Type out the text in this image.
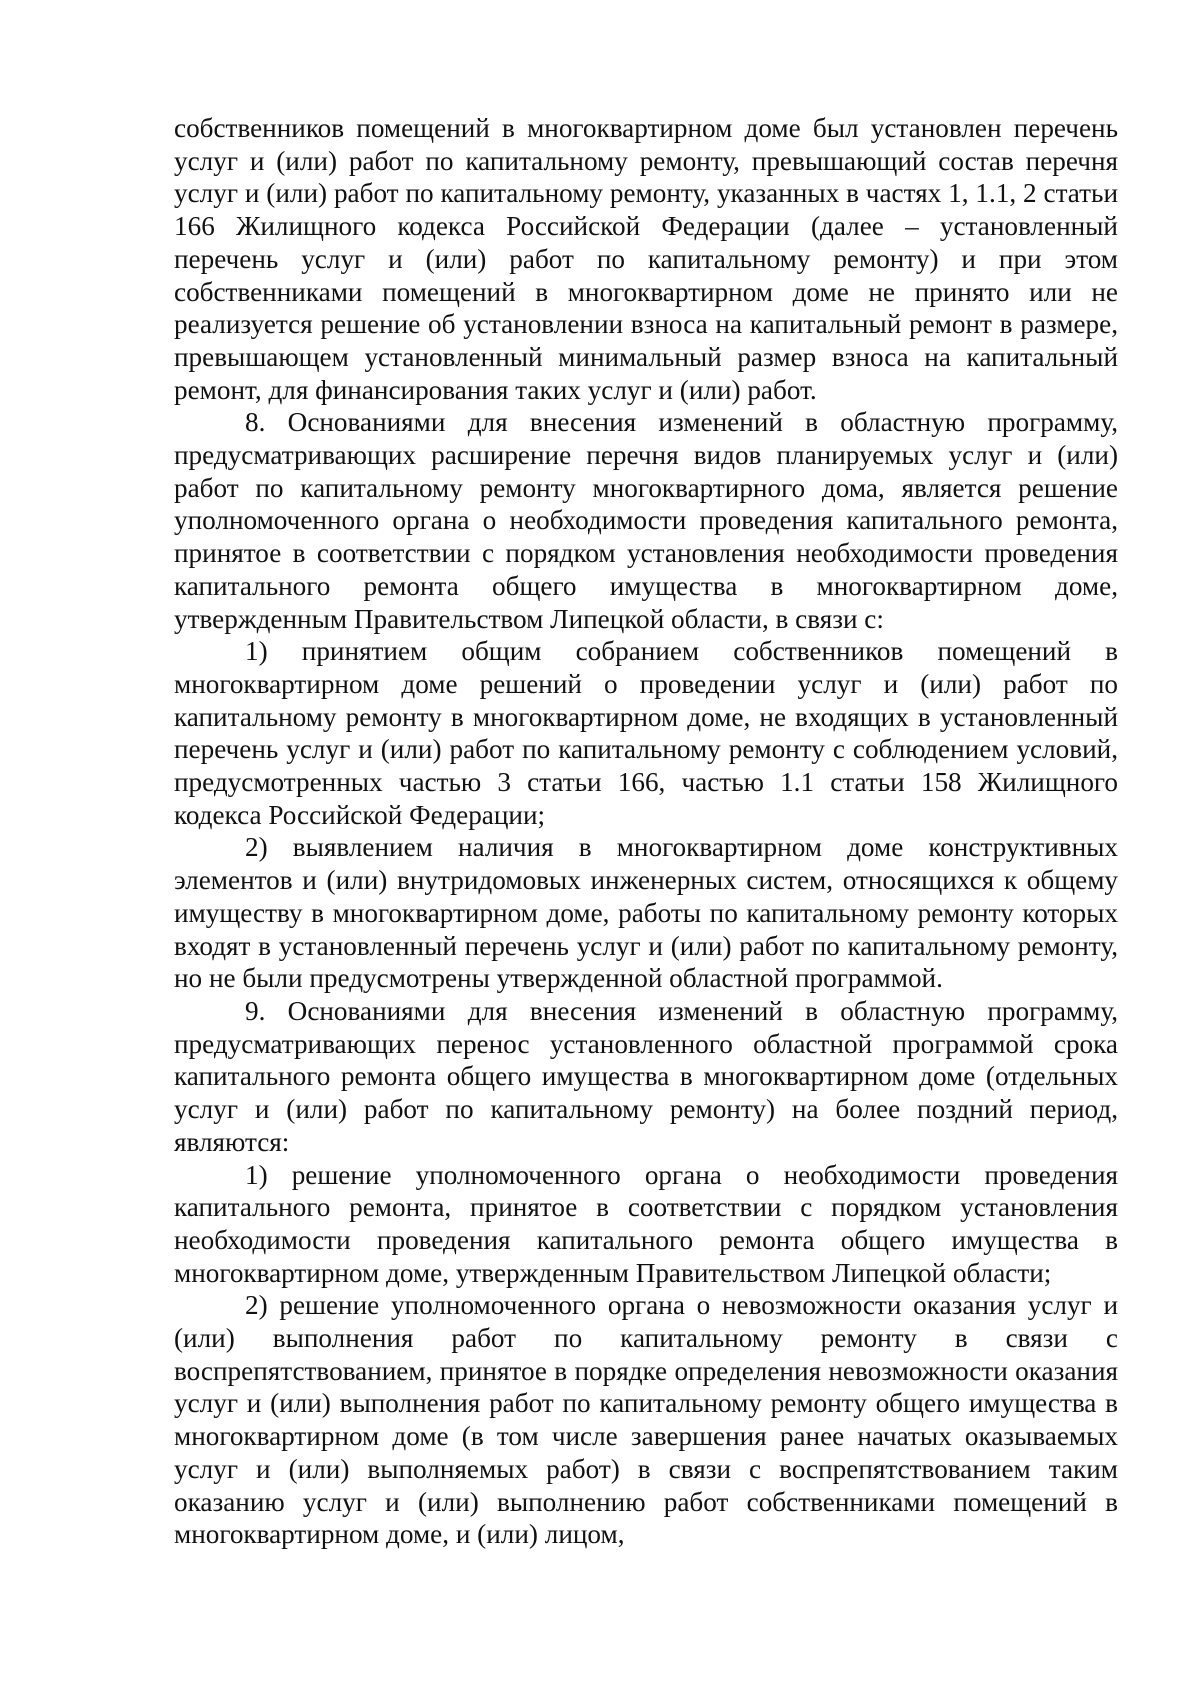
собственников помещений в многоквартирном доме был установлен перечень услуг и (или) работ по капитальному ремонту, превышающий состав перечня услуг и (или) работ по капитальному ремонту, указанных в частях 1, 1.1, 2 статьи 166 Жилищного кодекса Российской Федерации (далее – установленный перечень услуг и (или) работ по капитальному ремонту) и при этом собственниками помещений в многоквартирном доме не принято или не реализуется решение об установлении взноса на капитальный ремонт в размере, превышающем установленный минимальный размер взноса на капитальный ремонт, для финансирования таких услуг и (или) работ.

8. Основаниями для внесения изменений в областную программу, предусматривающих расширение перечня видов планируемых услуг и (или) работ по капитальному ремонту многоквартирного дома, является решение уполномоченного органа о необходимости проведения капитального ремонта, принятое в соответствии с порядком установления необходимости проведения капитального ремонта общего имущества в многоквартирном доме, утвержденным Правительством Липецкой области, в связи с:

1) принятием общим собранием собственников помещений в многоквартирном доме решений о проведении услуг и (или) работ по капитальному ремонту в многоквартирном доме, не входящих в установленный перечень услуг и (или) работ по капитальному ремонту с соблюдением условий, предусмотренных частью 3 статьи 166, частью 1.1 статьи 158 Жилищного кодекса Российской Федерации;

2) выявлением наличия в многоквартирном доме конструктивных элементов и (или) внутридомовых инженерных систем, относящихся к общему имуществу в многоквартирном доме, работы по капитальному ремонту которых входят в установленный перечень услуг и (или) работ по капитальному ремонту, но не были предусмотрены утвержденной областной программой.

9. Основаниями для внесения изменений в областную программу, предусматривающих перенос установленного областной программой срока капитального ремонта общего имущества в многоквартирном доме (отдельных услуг и (или) работ по капитальному ремонту) на более поздний период, являются:

1) решение уполномоченного органа о необходимости проведения капитального ремонта, принятое в соответствии с порядком установления необходимости проведения капитального ремонта общего имущества в многоквартирном доме, утвержденным Правительством Липецкой области;

2) решение уполномоченного органа о невозможности оказания услуг и (или) выполнения работ по капитальному ремонту в связи с воспрепятствованием, принятое в порядке определения невозможности оказания услуг и (или) выполнения работ по капитальному ремонту общего имущества в многоквартирном доме (в том числе завершения ранее начатых оказываемых услуг и (или) выполняемых работ) в связи с воспрепятствованием таким оказанию услуг и (или) выполнению работ собственниками помещений в многоквартирном доме, и (или) лицом,
